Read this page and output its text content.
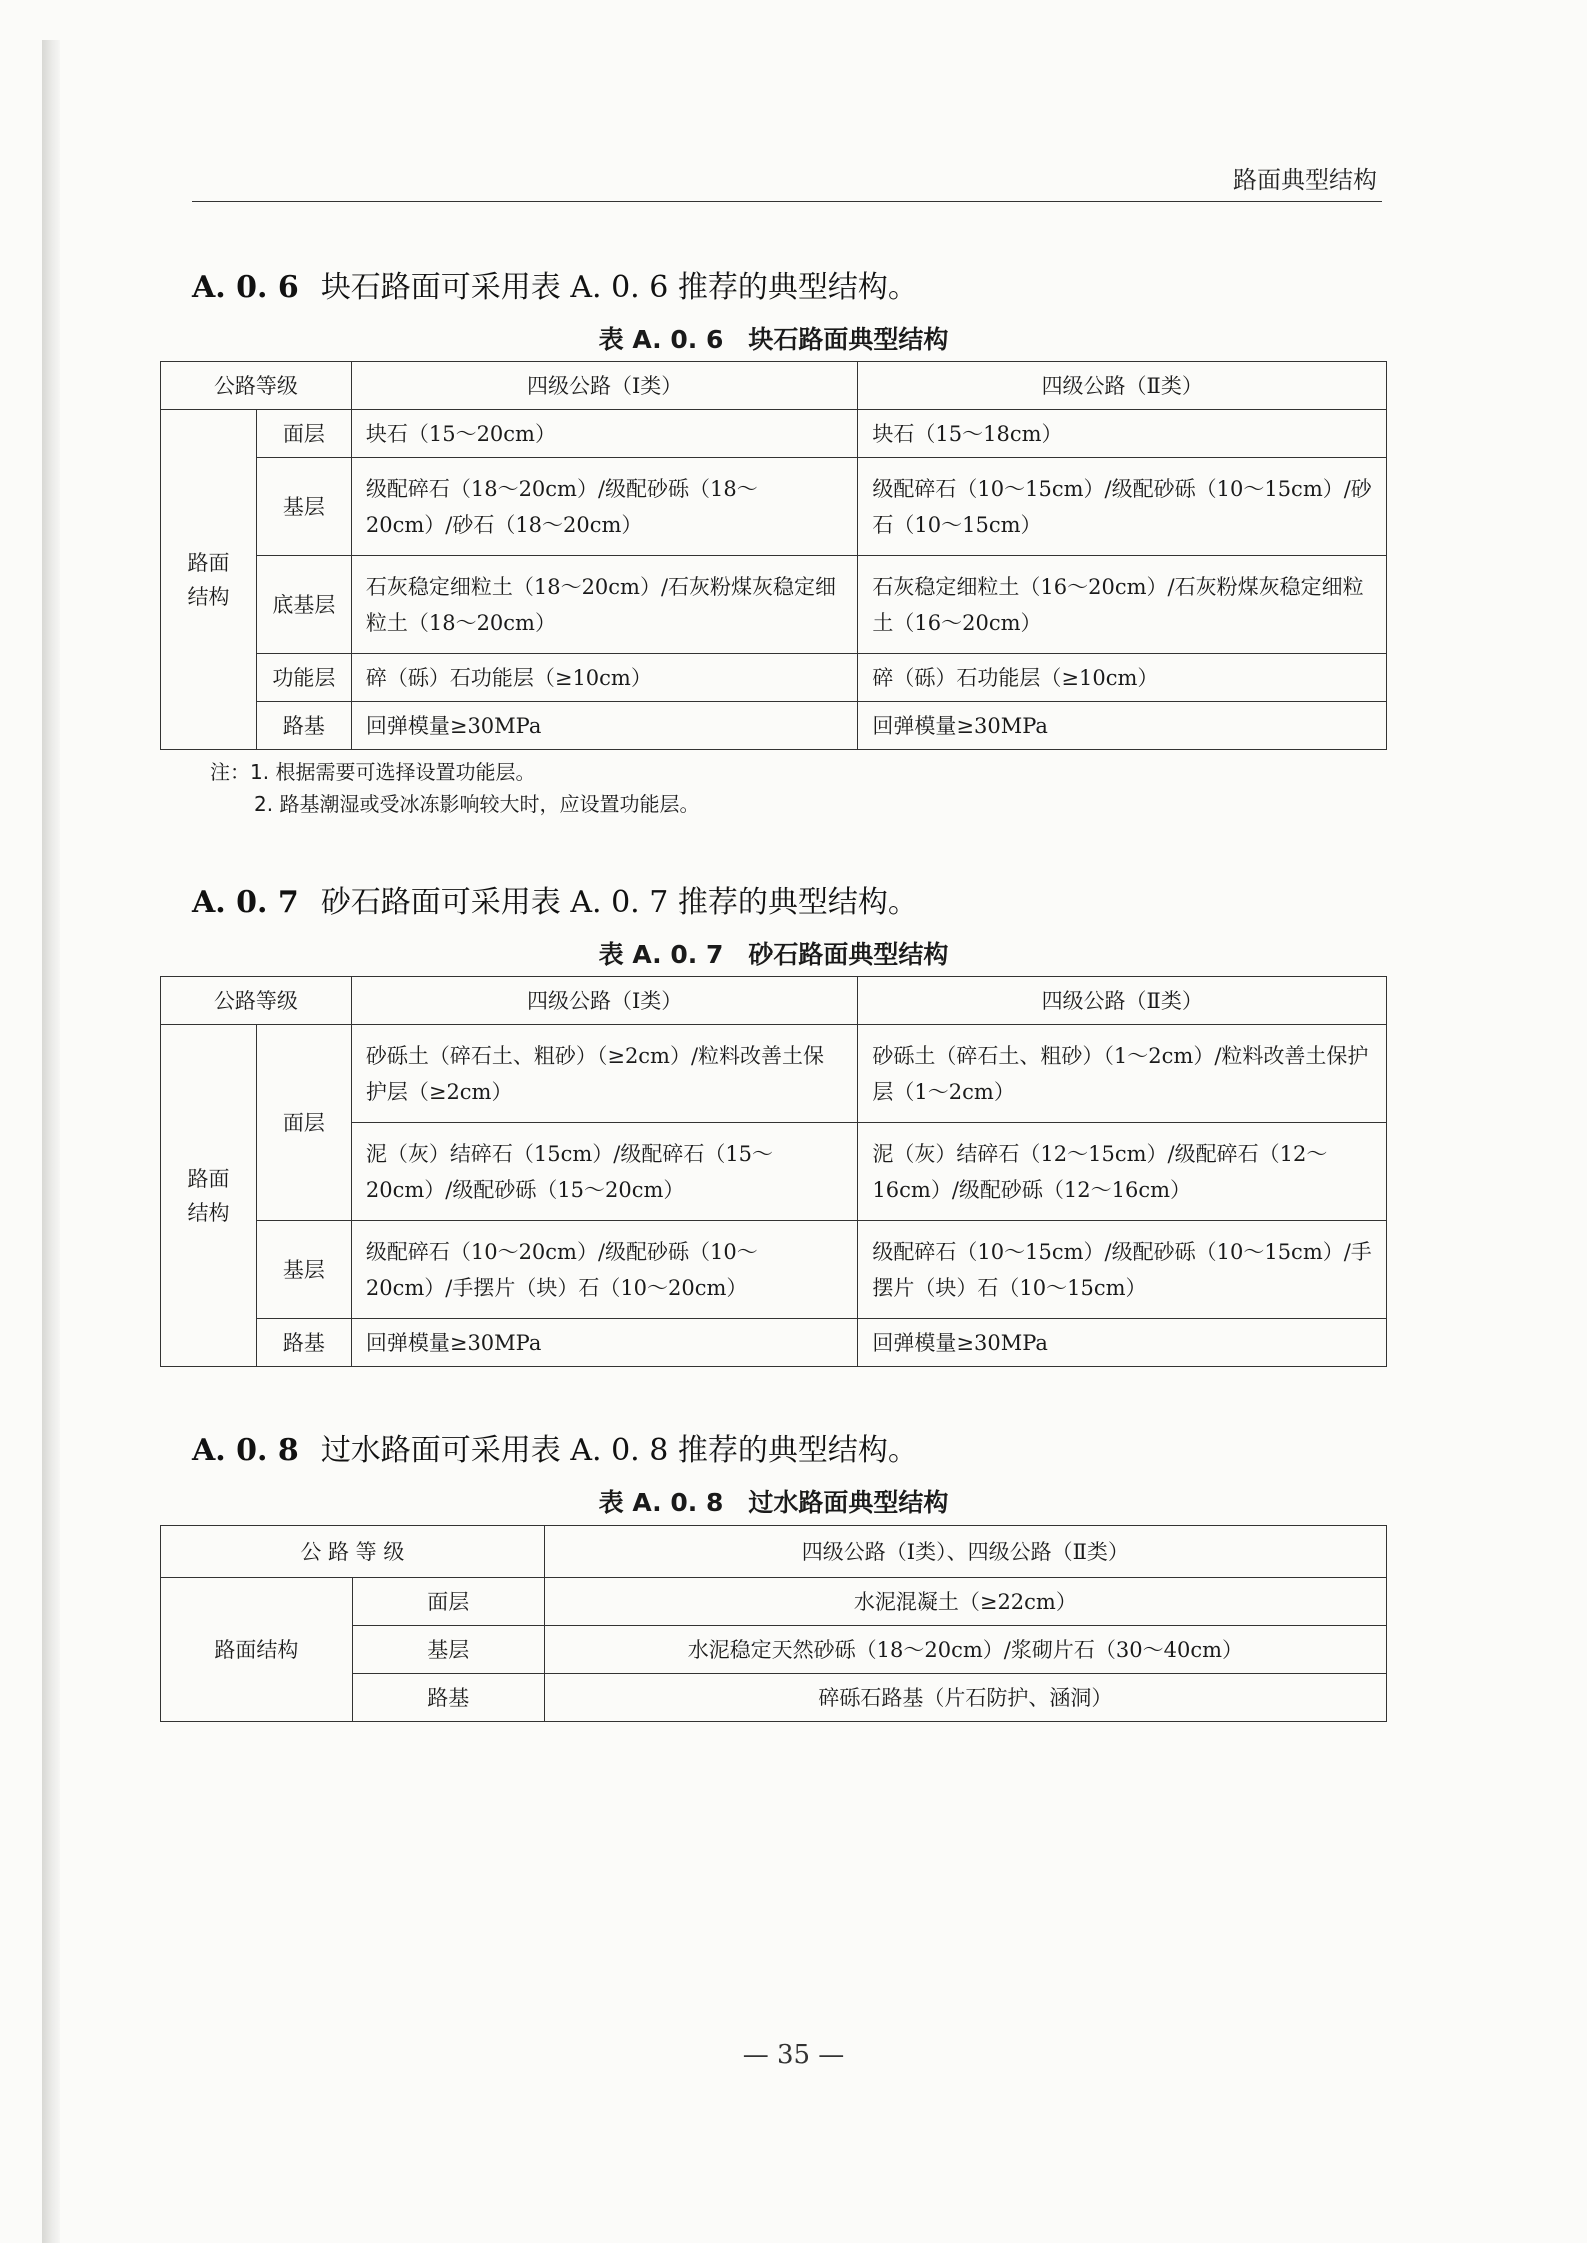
路面典型结构
A. 0. 6 块石路面可采用表 A. 0. 6 推荐的典型结构。
表 A. 0. 6　块石路面典型结构
公路等级		四级公路（Ⅰ类）	四级公路（Ⅱ类）
路面
结构	面层	块石（15～20cm）	块石（15～18cm）
	基层	级配碎石（18～20cm）/级配砂砾（18～20cm）/砂石（18～20cm）	级配碎石（10～15cm）/级配砂砾（10～15cm）/砂石（10～15cm）
	底基层	石灰稳定细粒土（18～20cm）/石灰粉煤灰稳定细粒土（18～20cm）	石灰稳定细粒土（16～20cm）/石灰粉煤灰稳定细粒土（16～20cm）
	功能层	碎（砾）石功能层（≥10cm）	碎（砾）石功能层（≥10cm）
	路基	回弹模量≥30MPa	回弹模量≥30MPa
注：1. 根据需要可选择设置功能层。
2. 路基潮湿或受冰冻影响较大时，应设置功能层。
A. 0. 7 砂石路面可采用表 A. 0. 7 推荐的典型结构。
表 A. 0. 7　砂石路面典型结构
公路等级		四级公路（Ⅰ类）	四级公路（Ⅱ类）
路面
结构	面层	砂砾土（碎石土、粗砂）（≥2cm）/粒料改善土保护层（≥2cm）	砂砾土（碎石土、粗砂）（1～2cm）/粒料改善土保护层（1～2cm）
		泥（灰）结碎石（15cm）/级配碎石（15～20cm）/级配砂砾（15～20cm）	泥（灰）结碎石（12～15cm）/级配碎石（12～16cm）/级配砂砾（12～16cm）
	基层	级配碎石（10～20cm）/级配砂砾（10～20cm）/手摆片（块）石（10～20cm）	级配碎石（10～15cm）/级配砂砾（10～15cm）/手摆片（块）石（10～15cm）
	路基	回弹模量≥30MPa	回弹模量≥30MPa
A. 0. 8 过水路面可采用表 A. 0. 8 推荐的典型结构。
表 A. 0. 8　过水路面典型结构
公 路 等 级		四级公路（Ⅰ类）、四级公路（Ⅱ类）
路面结构	面层	水泥混凝土（≥22cm）
	基层	水泥稳定天然砂砾（18～20cm）/浆砌片石（30～40cm）
	路基	碎砾石路基（片石防护、涵洞）
— 35 —
